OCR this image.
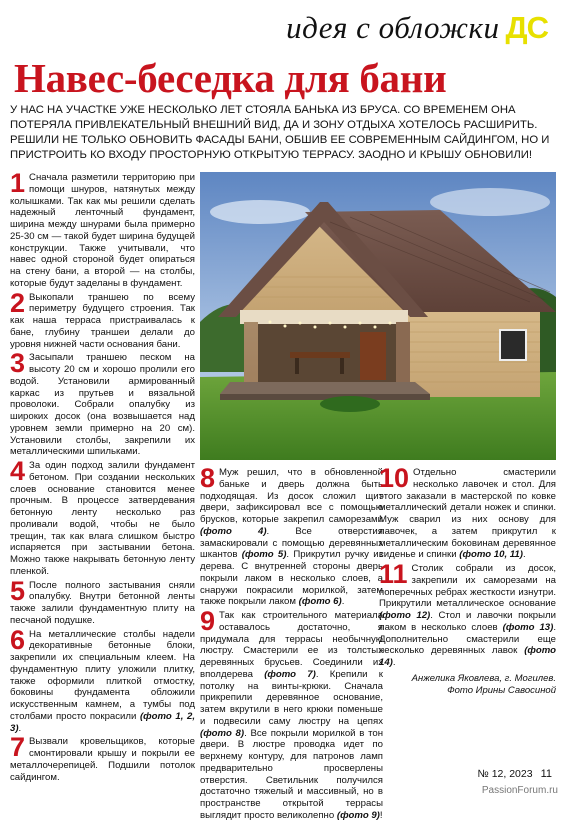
идея с обложки ДС
Навес-беседка для бани
У НАС НА УЧАСТКЕ УЖЕ НЕСКОЛЬКО ЛЕТ СТОЯЛА БАНЬКА ИЗ БРУСА. СО ВРЕМЕНЕМ ОНА ПОТЕРЯЛА ПРИВЛЕКАТЕЛЬНЫЙ ВНЕШНИЙ ВИД, ДА И ЗОНУ ОТДЫХА ХОТЕЛОСЬ РАСШИРИТЬ. РЕШИЛИ НЕ ТОЛЬКО ОБНОВИТЬ ФАСАДЫ БАНИ, ОБШИВ ЕЕ СОВРЕМЕННЫМ САЙДИНГОМ, НО И ПРИСТРОИТЬ КО ВХОДУ ПРОСТОРНУЮ ОТКРЫТУЮ ТЕРРАСУ. ЗАОДНО И КРЫШУ ОБНОВИЛИ!
1 Сначала разметили территорию при помощи шнуров, натянутых между колышками. Так как мы решили сделать надежный ленточный фундамент, ширина между шнурами была примерно 25-30 см — такой будет ширина будущей конструкции. Также учитывали, что навес одной стороной будет опираться на стену бани, а второй — на столбы, которые будут заделаны в фундамент.
2 Выкопали траншею по всему периметру будущего строения. Так как наша терраса пристраивалась к бане, глубину траншеи делали до уровня нижней части основания бани.
3 Засыпали траншею песком на высоту 20 см и хорошо пролили его водой. Установили армированный каркас из прутьев и вязальной проволоки. Собрали опалубку из широких досок (она возвышается над уровнем земли примерно на 20 см). Установили столбы, закрепили их металлическими шпильками.
4 За один подход залили фундамент бетоном. При создании нескольких слоев основание становится менее прочным. В процессе затвердевания бетонную ленту несколько раз проливали водой, чтобы не было трещин, так как влага слишком быстро испаряется при застывании бетона. Можно также накрывать бетонную ленту пленкой.
5 После полного застывания сняли опалубку. Внутри бетонной ленты также залили фундаментную плиту на песчаной подушке.
6 На металлические столбы надели декоративные бетонные блоки, закрепили их специальным клеем. На фундаментную плиту уложили плитку, также оформили плиткой отмостку, боковины фундамента обложили искусственным камнем, а тумбы под столбами просто покрасили (фото 1, 2, 3).
7 Вызвали кровельщиков, которые смонтировали крышу и покрыли ее металлочерепицей. Подшили потолок сайдингом.
8 Муж решил, что в обновленной баньке и дверь должна быть подходящая. Из досок сложил щит двери, зафиксировал все с помощью брусков, которые закрепил саморезами (фото 4). Все отверстия замаскировали с помощью деревянных шкантов (фото 5). Прикрутил ручку из дерева. С внутренней стороны дверь покрыли лаком в несколько слоев, а снаружи покрасили морилкой, затем также покрыли лаком (фото 6).
9 Так как строительного материала оставалось достаточно, я придумала для террасы необычную люстру. Смастерили ее из толстых деревянных брусьев. Соединили их вполдерева (фото 7). Крепили к потолку на винты-крюки. Сначала прикрепили деревянное основание, затем вкрутили в него крюки поменьше и подвесили саму люстру на цепях (фото 8). Все покрыли морилкой в тон двери. В люстре проводка идет по верхнему контуру, для патронов ламп предварительно просверлены отверстия. Светильник получился достаточно тяжелый и массивный, но в пространстве открытой террасы выглядит просто великолепно (фото 9)!
10 Отдельно смастерили несколько лавочек и стол. Для этого заказали в мастерской по ковке металлический детали ножек и спинки. Муж сварил из них основу для лавочек, а затем прикрутил к металлическим боковинам деревянное сиденье и спинки (фото 10, 11).
11 Столик собрали из досок, закрепили их саморезами на поперечных ребрах жесткости изнутри. Прикрутили металлическое основание (фото 12). Стол и лавочки покрыли лаком в несколько слоев (фото 13). Дополнительно смастерили еще несколько деревянных лавок (фото 14).
Анжелика Яковлева, г. Могилев.
Фото Ирины Савосиной
№ 12, 2023 11
PassionForum.ru
